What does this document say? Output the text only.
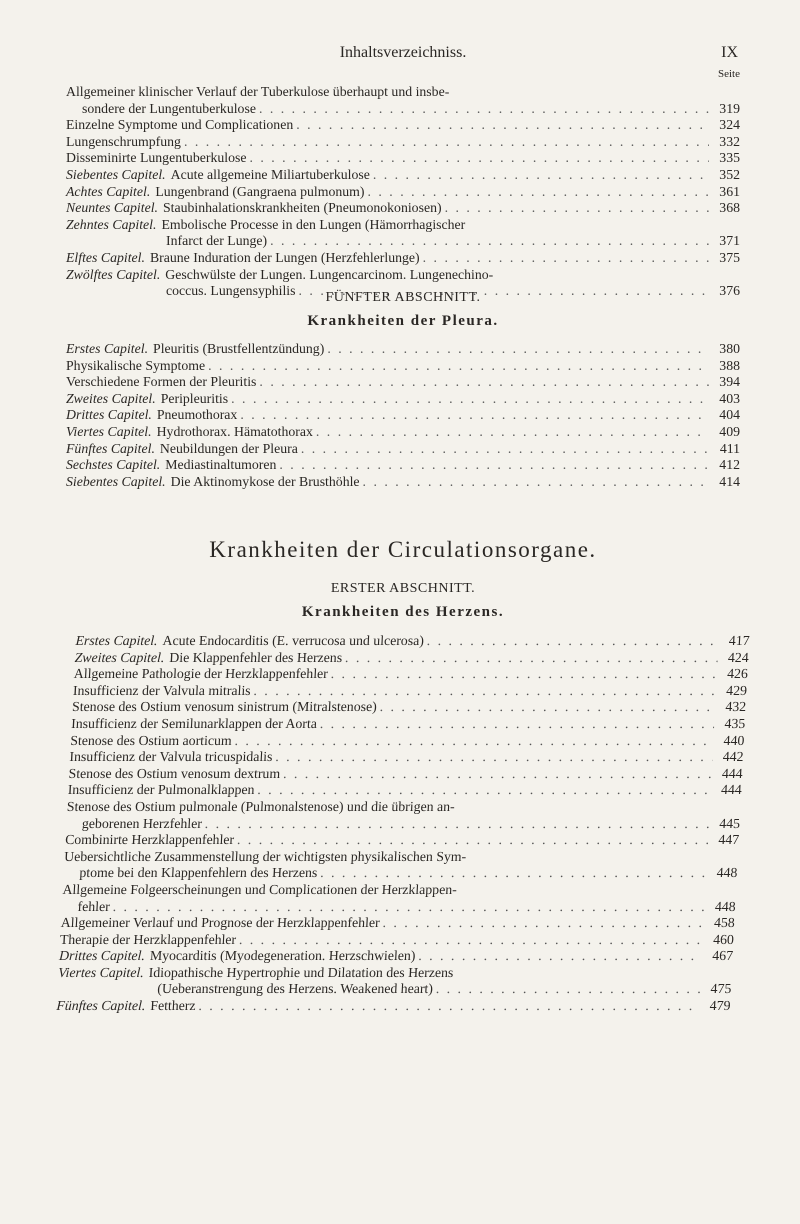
Inhaltsverzeichniss.	IX
Seite
Allgemeiner klinischer Verlauf der Tuberkulose überhaupt und insbe-
sondere der Lungentuberkulose . . .	319
Einzelne Symptome und Complicationen . . .	324
Lungenschrumpfung . . .	332
Disseminirte Lungentuberkulose . . .	335
Siebentes Capitel. Acute allgemeine Miliartuberkulose . . .	352
Achtes Capitel. Lungenbrand (Gangraena pulmonum) . . .	361
Neuntes Capitel. Staubinhalationskrankheiten (Pneumonokoniosen) . . .	368
Zehntes Capitel. Embolische Processe in den Lungen (Hämorrhagischer
Infarct der Lunge) . . .	371
Elftes Capitel. Braune Induration der Lungen (Herzfehlerlunge) . . .	375
Zwölftes Capitel. Geschwülste der Lungen. Lungencarcinom. Lungenechino-
coccus. Lungensyphilis . . .	376
FÜNFTER ABSCHNITT.
Krankheiten der Pleura.
Erstes Capitel. Pleuritis (Brustfellentzündung) . . .	380
Physikalische Symptome . . .	388
Verschiedene Formen der Pleuritis . . .	394
Zweites Capitel. Peripleuritis . . .	403
Drittes Capitel. Pneumothorax . . .	404
Viertes Capitel. Hydrothorax. Hämatothorax . . .	409
Fünftes Capitel. Neubildungen der Pleura . . .	411
Sechstes Capitel. Mediastinaltumoren . . .	412
Siebentes Capitel. Die Aktinomykose der Brusthöhle . . .	414
Krankheiten der Circulationsorgane.
ERSTER ABSCHNITT.
Krankheiten des Herzens.
Erstes Capitel. Acute Endocarditis (E. verrucosa und ulcerosa) . . .	417
Zweites Capitel. Die Klappenfehler des Herzens . . .	424
Allgemeine Pathologie der Herzklappenfehler . . .	426
Insufficienz der Valvula mitralis . . .	429
Stenose des Ostium venosum sinistrum (Mitralstenose) . . .	432
Insufficienz der Semilunarklappen der Aorta . . .	435
Stenose des Ostium aorticum . . .	440
Insufficienz der Valvula tricuspidalis . . .	442
Stenose des Ostium venosum dextrum . . .	444
Insufficienz der Pulmonalklappen . . .	444
Stenose des Ostium pulmonale (Pulmonalstenose) und die übrigen an-
geborenen Herzfehler . . .	445
Combinirte Herzklappenfehler . . .	447
Uebersichtliche Zusammenstellung der wichtigsten physikalischen Sym-
ptome bei den Klappenfehlern des Herzens . . .	448
Allgemeine Folgeerscheinungen und Complicationen der Herzklappen-
fehler . . .	448
Allgemeiner Verlauf und Prognose der Herzklappenfehler . . .	458
Therapie der Herzklappenfehler . . .	460
Drittes Capitel. Myocarditis (Myodegeneration. Herzschwielen) . . .	467
Viertes Capitel. Idiopathische Hypertrophie und Dilatation des Herzens
(Ueberanstrengung des Herzens. Weakened heart) . . .	475
Fünftes Capitel. Fettherz . . .	479
